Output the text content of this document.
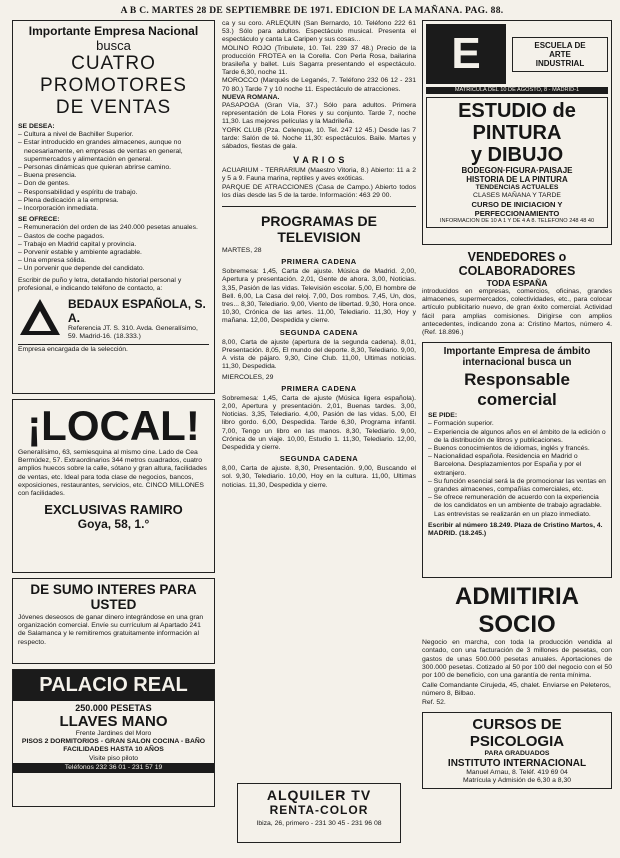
A B C. MARTES 28 DE SEPTIEMBRE DE 1971. EDICION DE LA MAÑANA. PAG. 88.
Importante Empresa Nacional
busca
CUATRO PROMOTORES
DE VENTAS
SE DESEA:

– Cultura a nivel de Bachiller Superior.

– Estar introducido en grandes almacenes, aunque no necesariamente, en empresas de ventas en general, supermercados y alimentación en general.

– Personas dinámicas que quieran abrirse camino.

– Buena presencia.

– Don de gentes.

– Responsabilidad y espíritu de trabajo.

– Plena dedicación a la empresa.

– Incorporación inmediata.

SE OFRECE:

– Remuneración del orden de las 240.000 pesetas anuales.

– Gastos de coche pagados.

– Trabajo en Madrid capital y provincia.

– Porvenir estable y ambiente agradable.

– Una empresa sólida.

– Un porvenir que depende del candidato.

Escribir de puño y letra, detallando historial personal y profesional, e indicando teléfono de contacto, a:
BEDAUX ESPAÑOLA, S. A.
Referencia JT. S. 310. Avda. Generalísimo, 59. Madrid-16. (18.333.)
Empresa encargada de la selección.
¡LOCAL!
Generalísimo, 63, semiesquina al mismo cine. Lado de Cea Bermúdez, 57. Extraordinarios 344 metros cuadrados, cuatro amplios huecos sobre la calle, sótano y gran altura, facilidades de ventas, etc. Ideal para toda clase de negocios, bancos, exposiciones, restaurantes, servicios, etc. CINCO MILLONES con facilidades.
EXCLUSIVAS RAMIRO
Goya, 58, 1.°
DE SUMO INTERES PARA USTED
Jóvenes deseosos de ganar dinero integrándose en una gran organización comercial. Envíe su currículum al Apartado 241 de Salamanca y le remitiremos gratuitamente información al respecto.
PALACIO REAL
250.000 PESETAS
LLAVES MANO
Frente Jardines del Moro
PISOS 2 DORMITORIOS - GRAN SALON COCINA - BAÑO
FACILIDADES HASTA 10 AÑOS
Visite piso piloto
Teléfonos 232 36 01 - 231 57 19

ca y su coro. ARLEQUIN (San Bernardo, 10. Teléfono 222 61 53.) Sólo para adultos. Espectáculo musical. Presenta el espectáculo y canta La Caripen y sus cosas...

MOLINO ROJO (Tribulete, 10. Tel. 239 37 48.) Precio de la producción FROTEA en la Corella. Con Perla Rosa, bailarina brasileña y ballet. Luis Sagarra presentando el espectáculo. Tarde 6,30, noche 11.

MOROCCO (Marqués de Leganés, 7. Teléfono 232 06 12 - 231 70 80.) Tarde 7 y 10 noche 11. Espectáculo de atracciones.

NUEVA ROMANA.

PASAPOGA (Gran Vía, 37.) Sólo para adultos. Primera representación de Lola Flores y su conjunto. Tarde 7, noche 11,30. Las mejores películas y la Madrileña.

YORK CLUB (Pza. Celenque, 10. Tel. 247 12 45.) Desde las 7 tarde: Salón de té. Noche 11,30: espectáculos. Baile. Martes y sábados, fiestas de gala.

V A R I O S

ACUARIUM - TERRARIUM (Maestro Vitoria, 8.) Abierto: 11 a 2 y 5 a 9. Fauna marina, reptiles y aves exóticas.

PARQUE DE ATRACCIONES (Casa de Campo.) Abierto todos los días desde las 5 de la tarde. Información: 463 29 00.

PROGRAMAS DE TELEVISION
MARTES, 28
PRIMERA CADENA
Sobremesa: 1,45, Carta de ajuste. Música de Madrid. 2,00, Apertura y presentación. 2,01, Gente de ahora. 3,00, Noticias. 3,35, Pasión de las vidas. Televisión escolar. 5,00, El hombre de Bell. 6,00, La Casa del reloj. 7,00, Dos rombos. 7,45, Un, dos, tres... 8,30, Telediario. 9,00, Viento de libertad. 9,30, Hora once. 10,30, Crónica de las artes. 11,00, Telediario. 11,30, Hoy y mañana. 12,00, Despedida y cierre.
SEGUNDA CADENA
8,00, Carta de ajuste (apertura de la segunda cadena). 8,01, Presentación. 8,05, El mundo del deporte. 8,30, Telediario. 9,00, A vista de pájaro. 9,30, Cine Club. 11,00, Ultimas noticias. 11,30, Despedida.
MIERCOLES, 29
PRIMERA CADENA
Sobremesa: 1,45, Carta de ajuste (Música ligera española). 2,00, Apertura y presentación. 2,01, Buenas tardes. 3,00, Noticias. 3,35, Telediario. 4,00, Pasión de las vidas. 5,00, El libro gordo. 6,00, Despedida. Tarde 6,30, Programa infantil. 7,00, Tengo un libro en las manos. 8,30, Telediario. 9,00, Crónica de un viaje. 10,00, Estudio 1. 11,30, Telediario. 12,00, Despedida y cierre.
SEGUNDA CADENA
8,00, Carta de ajuste. 8,30, Presentación. 9,00, Buscando el sol. 9,30, Telediario. 10,00, Hoy en la cultura. 11,00, Ultimas noticias. 11,30, Despedida y cierre.
ALQUILER TV
RENTA-COLOR
Ibiza, 26, primero - 231 30 45 - 231 96 08
E	ESCUELA DE
ARTE
INDUSTRIAL
MATRICULA DEL 10 DE AGOSTO, 8 - MADRID-1
ESTUDIO de
PINTURA
y DIBUJO
BODEGON·FIGURA·PAISAJE
HISTORIA DE LA PINTURA
TENDENCIAS ACTUALES
CLASES MAÑANA Y TARDE
CURSO DE INICIACION Y PERFECCIONAMIENTO
INFORMACION DE 10 A 1 Y DE 4 A 8. TELEFONO 248 48 40
VENDEDORES o COLABORADORES
TODA ESPAÑA
introducidos en empresas, comercios, oficinas, grandes almacenes, supermercados, colectividades, etc., para colocar artículo publicitario nuevo, de gran éxito comercial. Actividad fácil para amplias comisiones. Dirigirse con amplios antecedentes, indicando zona a: Cristino Martos, número 4. (Ref. 18.896.)
Importante Empresa de ámbito internacional busca un
Responsable comercial
SE PIDE:

– Formación superior.

– Experiencia de algunos años en el ámbito de la edición o de la distribución de libros y publicaciones.

– Buenos conocimientos de idiomas, inglés y francés.

– Nacionalidad española. Residencia en Madrid o Barcelona. Desplazamientos por España y por el extranjero.

– Su función esencial será la de promocionar las ventas en grandes almacenes, compañías comerciales, etc.

– Se ofrece remuneración de acuerdo con la experiencia de los candidatos en un ambiente de trabajo agradable. Las entrevistas se realizarán en un plazo inmediato.

Escribir al número 18.249. Plaza de Cristino Martos, 4. MADRID. (18.245.)
ADMITIRIA SOCIO
Negocio en marcha, con toda la producción vendida al contado, con una facturación de 3 millones de pesetas, con gastos de unas 500.000 pesetas anuales. Aportaciones de 300.000 pesetas. Cotizado al 50 por 100 del negocio con el 50 por 100 de beneficio, con una garantía de renta mínima.
Calle Comandante Cirujeda, 45, chalet. Enviarse en Peleteros, número 8, Bilbao.
Ref. 52.
CURSOS DE PSICOLOGIA
PARA GRADUADOS
INSTITUTO INTERNACIONAL
Manuel Arnau, 8. Teléf. 419 69 04
Matrícula y Admisión de 6,30 a 8,30
